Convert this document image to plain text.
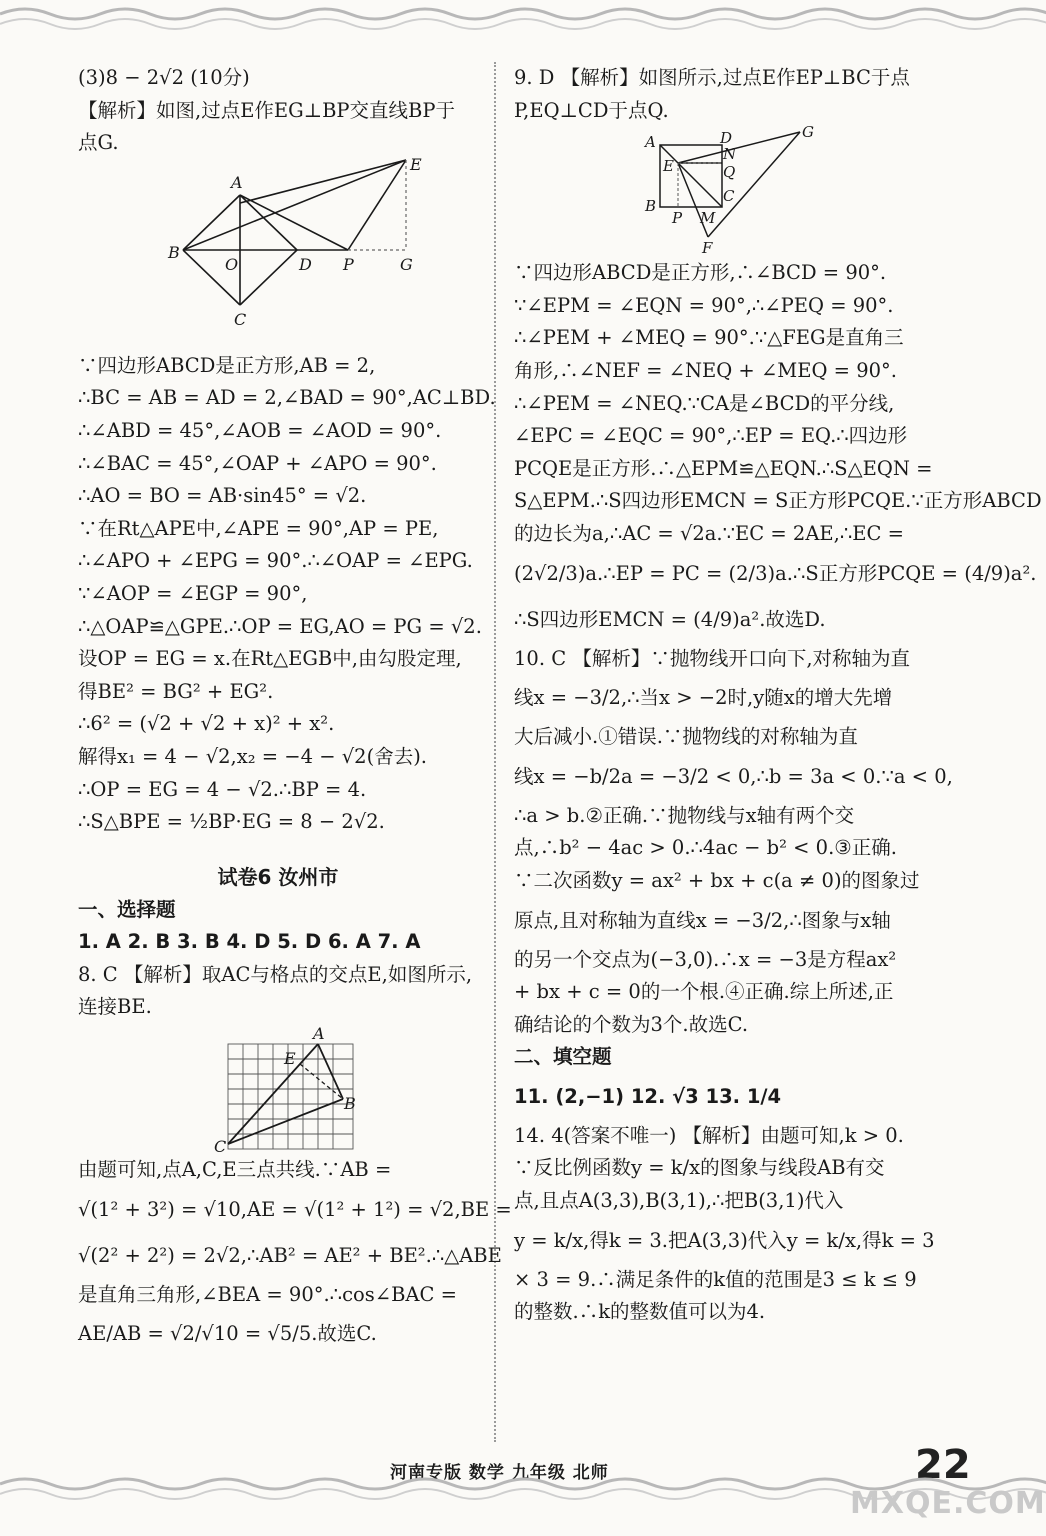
(3)8 − 2√2 (10分)

【解析】如图,过点E作EG⊥BP交直线BP于

点G.

A
B
O	D P	G
C
E

∵四边形ABCD是正方形,AB = 2,

∴BC = AB = AD = 2,∠BAD = 90°,AC⊥BD.

∴∠ABD = 45°,∠AOB = ∠AOD = 90°.

∴∠BAC = 45°,∠OAP + ∠APO = 90°.

∴AO = BO = AB·sin45° = √2.

∵在Rt△APE中,∠APE = 90°,AP = PE,

∴∠APO + ∠EPG = 90°.∴∠OAP = ∠EPG.

∵∠AOP = ∠EGP = 90°,

∴△OAP≌△GPE.∴OP = EG,AO = PG = √2.

设OP = EG = x.在Rt△EGB中,由勾股定理,

得BE² = BG² + EG².

∴6² = (√2 + √2 + x)² + x².

解得x₁ = 4 − √2,x₂ = −4 − √2(舍去).

∴OP = EG = 4 − √2.∴BP = 4.

∴S△BPE = ½BP·EG = 8 − 2√2.

试卷6 汝州市

一、选择题

1. A 2. B 3. B 4. D 5. D 6. A 7. A

8. C 【解析】取AC与格点的交点E,如图所示,

连接BE.

A
E
B
C

由题可知,点A,C,E三点共线.∵AB =

√(1² + 3²) = √10,AE = √(1² + 1²) = √2,BE =

√(2² + 2²) = 2√2,∴AB² = AE² + BE².∴△ABE

是直角三角形,∠BEA = 90°.∴cos∠BAC =

AE/AB = √2/√10 = √5/5.故选C.

9. D 【解析】如图所示,过点E作EP⊥BC于点

P,EQ⊥CD于点Q.

A	D	G
N
E	Q
C
B
P M
F

∵四边形ABCD是正方形,∴∠BCD = 90°.

∵∠EPM = ∠EQN = 90°,∴∠PEQ = 90°.

∴∠PEM + ∠MEQ = 90°.∵△FEG是直角三

角形,∴∠NEF = ∠NEQ + ∠MEQ = 90°.

∴∠PEM = ∠NEQ.∵CA是∠BCD的平分线,

∠EPC = ∠EQC = 90°,∴EP = EQ.∴四边形

PCQE是正方形.∴△EPM≌△EQN.∴S△EQN =

S△EPM.∴S四边形EMCN = S正方形PCQE.∵正方形ABCD

的边长为a,∴AC = √2a.∵EC = 2AE,∴EC =

(2√2/3)a.∴EP = PC = (2/3)a.∴S正方形PCQE = (4/9)a².

∴S四边形EMCN = (4/9)a².故选D.

10. C 【解析】∵抛物线开口向下,对称轴为直

线x = −3/2,∴当x > −2时,y随x的增大先增

大后减小.①错误.∵抛物线的对称轴为直

线x = −b/2a = −3/2 < 0,∴b = 3a < 0.∵a < 0,

∴a > b.②正确.∵抛物线与x轴有两个交

点,∴b² − 4ac > 0.∴4ac − b² < 0.③正确.

∵二次函数y = ax² + bx + c(a ≠ 0)的图象过

原点,且对称轴为直线x = −3/2,∴图象与x轴

的另一个交点为(−3,0).∴x = −3是方程ax²

+ bx + c = 0的一个根.④正确.综上所述,正

确结论的个数为3个.故选C.

二、填空题

11. (2,−1) 12. √3 13. 1/4

14. 4(答案不唯一) 【解析】由题可知,k > 0.

∵反比例函数y = k/x的图象与线段AB有交

点,且点A(3,3),B(3,1),∴把B(3,1)代入

y = k/x,得k = 3.把A(3,3)代入y = k/x,得k = 3

× 3 = 9.∴满足条件的k值的范围是3 ≤ k ≤ 9

的整数.∴k的整数值可以为4.

河南专版 数学 九年级 北师	22
MXQE.COM
